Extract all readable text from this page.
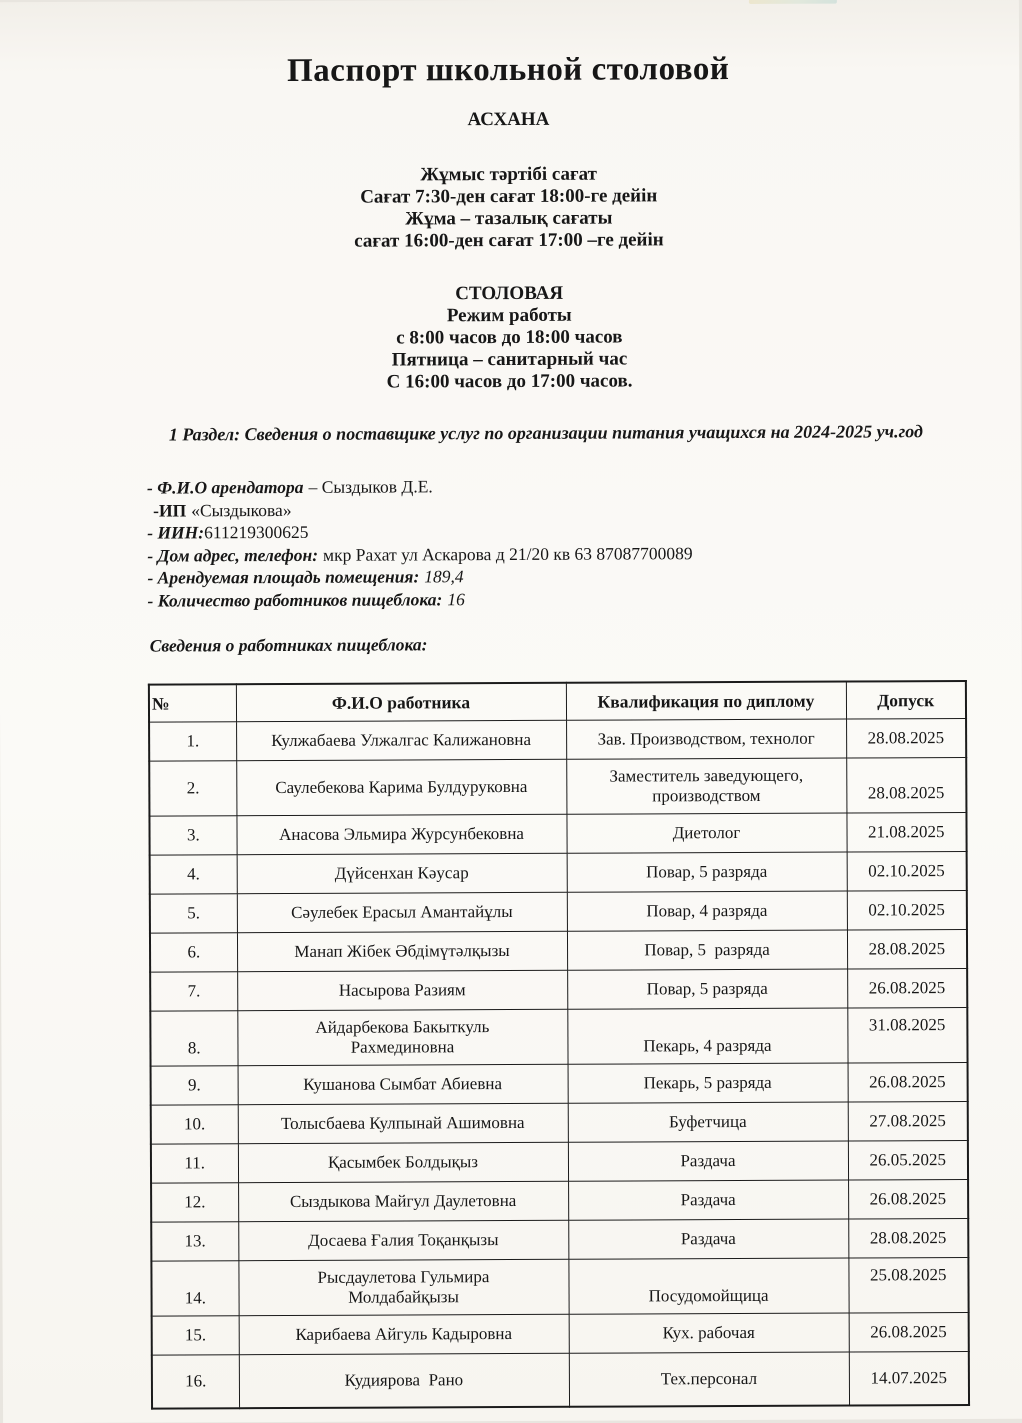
Паспорт школьной столовой
АСХАНА
Жұмыс тәртібі сағат
Сағат 7:30-ден сағат 18:00-ге дейін
Жұма – тазалық сағаты
сағат 16:00-ден сағат 17:00 –ге дейін
СТОЛОВАЯ
Режим работы
с 8:00 часов до 18:00 часов
Пятница – санитарный час
С 16:00 часов до 17:00 часов.
1 Раздел: Сведения о поставщике услуг по организации питания учащихся на 2024-2025 уч.год
- Ф.И.О арендатора – Сыздыков Д.Е.
-ИП «Сыздыкова»
- ИИН:611219300625
- Дом адрес, телефон: мкр Рахат ул Аскарова д 21/20 кв 63 87087700089
- Арендуемая площадь помещения: 189,4
- Количество работников пищеблока: 16
Сведения о работниках пищеблока:
№	Ф.И.О работника	Квалификация по диплому	Допуск
1.	Кулжабаева Улжалгас Калижановна	Зав. Производством, технолог	28.08.2025
2.	Саулебекова Карима Булдуруковна	Заместитель заведующего,
производством	28.08.2025
3.	Анасова Эльмира Журсунбековна	Диетолог	21.08.2025
4.	Дүйсенхан Кәусар	Повар, 5 разряда	02.10.2025
5.	Сәулебек Ерасыл Амантайұлы	Повар, 4 разряда	02.10.2025
6.	Манап Жібек Әбдімүтәлқызы	Повар, 5  разряда	28.08.2025
7.	Насырова Разиям	Повар, 5 разряда	26.08.2025
8.	Айдарбекова Бакыткуль
Рахмединовна	Пекарь, 4 разряда	31.08.2025
9.	Кушанова Сымбат Абиевна	Пекарь, 5 разряда	26.08.2025
10.	Толысбаева Кулпынай Ашимовна	Буфетчица	27.08.2025
11.	Қасымбек Болдықыз	Раздача	26.05.2025
12.	Сыздыкова Майгул Даулетовна	Раздача	26.08.2025
13.	Досаева Ғалия Тоқанқызы	Раздача	28.08.2025
14.	Рысдаулетова Гульмира
Молдабайқызы	Посудомойщица	25.08.2025
15.	Карибаева Айгуль Кадыровна	Кух. рабочая	26.08.2025
16.	Кудиярова  Рано	Тех.персонал	14.07.2025
